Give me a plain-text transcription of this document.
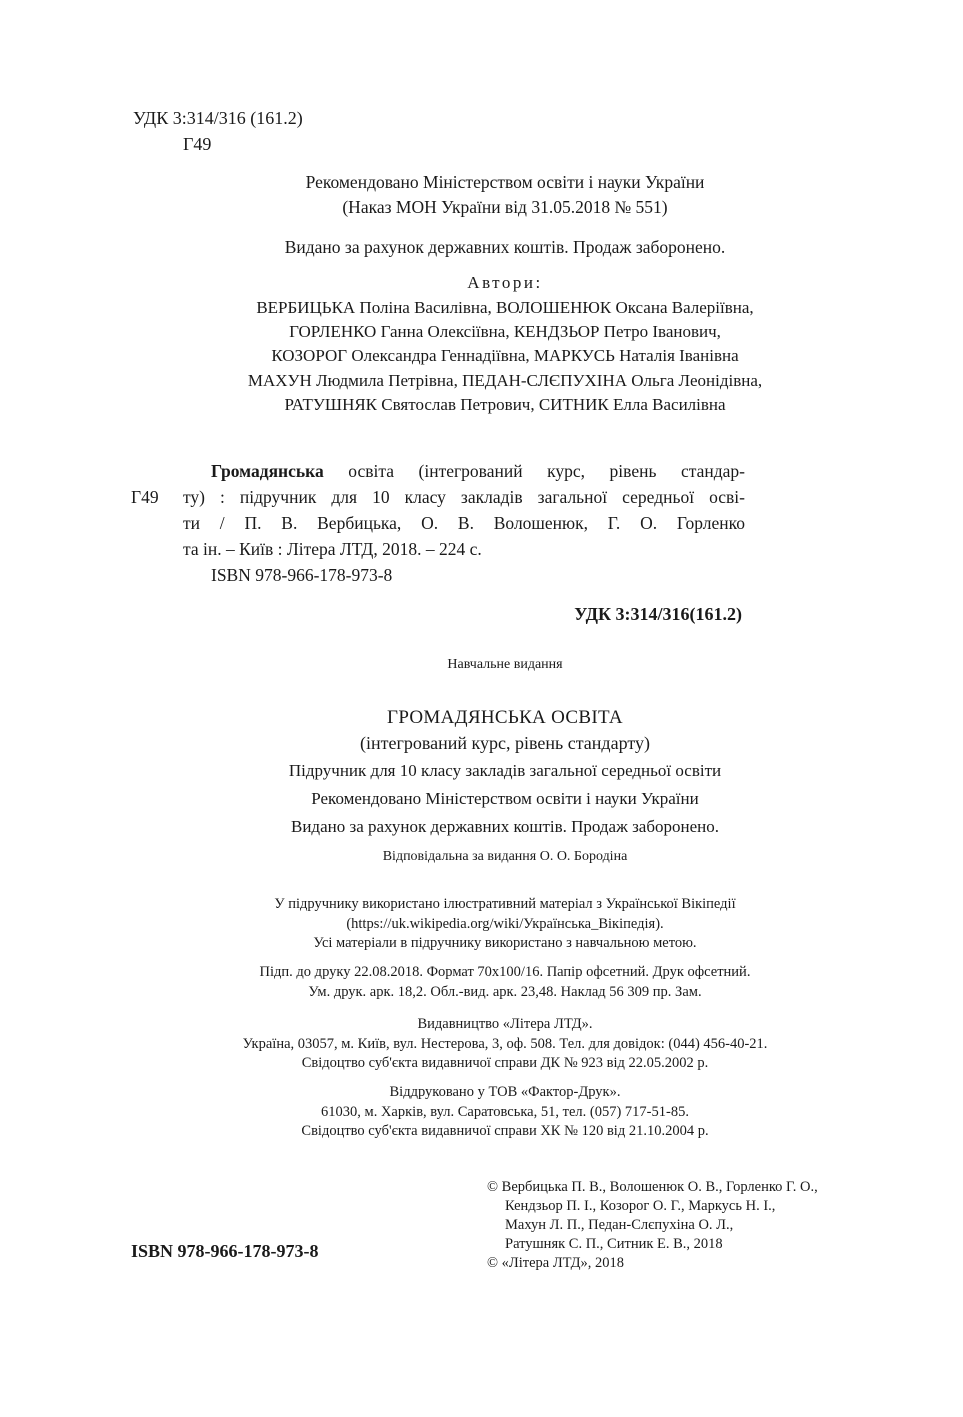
УДК 3:314/316 (161.2)
Г49
Рекомендовано Міністерством освіти і науки України
(Наказ МОН України від 31.05.2018 № 551)
Видано за рахунок державних коштів. Продаж заборонено.
Автори:
ВЕРБИЦЬКА Поліна Василівна, ВОЛОШЕНЮК Оксана Валеріївна,
ГОРЛЕНКО Ганна Олексіївна, КЕНДЗЬОР Петро Іванович,
КОЗОРОГ Олександра Геннадіївна, МАРКУСЬ Наталія Іванівна
МАХУН Людмила Петрівна, ПЕДАН-СЛЄПУХІНА Ольга Леонідівна,
РАТУШНЯК Святослав Петрович, СИТНИК Елла Василівна
Г49
Громадянська освіта (інтегрований курс, рівень стандар-
ту) : підручник для 10 класу закладів загальної середньої осві-
ти / П. В. Вербицька, О. В. Волошенюк, Г. О. Горленко
та ін. – Київ : Літера ЛТД, 2018. – 224 с.
ISBN 978-966-178-973-8
УДК 3:314/316(161.2)
Навчальне видання
ГРОМАДЯНСЬКА ОСВІТА
(інтегрований курс, рівень стандарту)
Підручник для 10 класу закладів загальної середньої освіти
Рекомендовано Міністерством освіти і науки України
Видано за рахунок державних коштів. Продаж заборонено.
Відповідальна за видання О. О. Бородіна
У підручнику використано ілюстративний матеріал з Української Вікіпедії
(https://uk.wikipedia.org/wiki/Українська_Вікіпедія).
Усі матеріали в підручнику використано з навчальною метою.
Підп. до друку 22.08.2018. Формат 70х100/16. Папір офсетний. Друк офсетний.
Ум. друк. арк. 18,2. Обл.-вид. арк. 23,48. Наклад 56 309 пр. Зам.
Видавництво «Літера ЛТД».
Україна, 03057, м. Київ, вул. Нестерова, 3, оф. 508. Тел. для довідок: (044) 456-40-21.
Свідоцтво суб'єкта видавничої справи ДК № 923 від 22.05.2002 р.
Віддруковано у ТОВ «Фактор-Друк».
61030, м. Харків, вул. Саратовська, 51, тел. (057) 717-51-85.
Свідоцтво суб'єкта видавничої справи ХК № 120 від 21.10.2004 р.
© Вербицька П. В., Волошенюк О. В., Горленко Г. О.,
Кендзьор П. І., Козорог О. Г., Маркусь Н. І.,
Махун Л. П., Педан-Слєпухіна О. Л.,
Ратушняк С. П., Ситник Е. В., 2018
© «Літера ЛТД», 2018
ISBN 978-966-178-973-8
